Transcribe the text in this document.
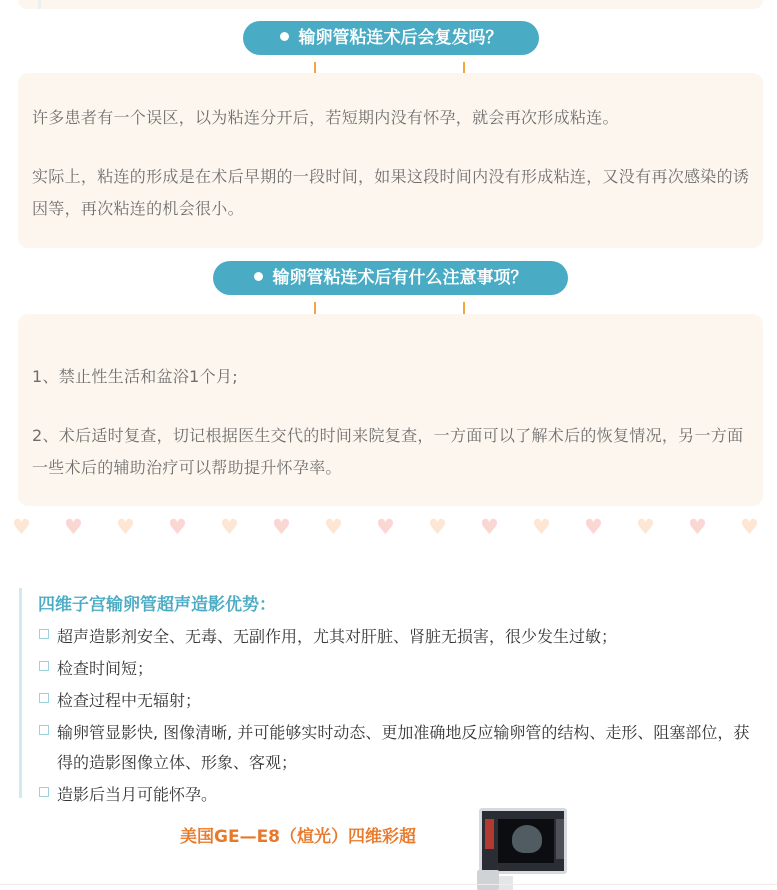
输卵管粘连术后会复发吗？

许多患者有一个误区，以为粘连分开后，若短期内没有怀孕，就会再次形成粘连。

实际上，粘连的形成是在术后早期的一段时间，如果这段时间内没有形成粘连，又没有再次感染的诱因等，再次粘连的机会很小。

输卵管粘连术后有什么注意事项？

1、禁止性生活和盆浴1个月;

2、术后适时复查，切记根据医生交代的时间来院复查，一方面可以了解术后的恢复情况，另一方面一些术后的辅助治疗可以帮助提升怀孕率。

♥ ♥ ♥ ♥ ♥ ♥ ♥ ♥ ♥ ♥ ♥ ♥ ♥ ♥ ♥
四维子宫输卵管超声造影优势：
超声造影剂安全、无毒、无副作用，尤其对肝脏、肾脏无损害，很少发生过敏；
检查时间短；
检查过程中无辐射；
输卵管显影快, 图像清晰, 并可能够实时动态、更加准确地反应输卵管的结构、走形、阻塞部位，获得的造影图像立体、形象、客观；
造影后当月可能怀孕。
美国GE—E8（煊光）四维彩超
